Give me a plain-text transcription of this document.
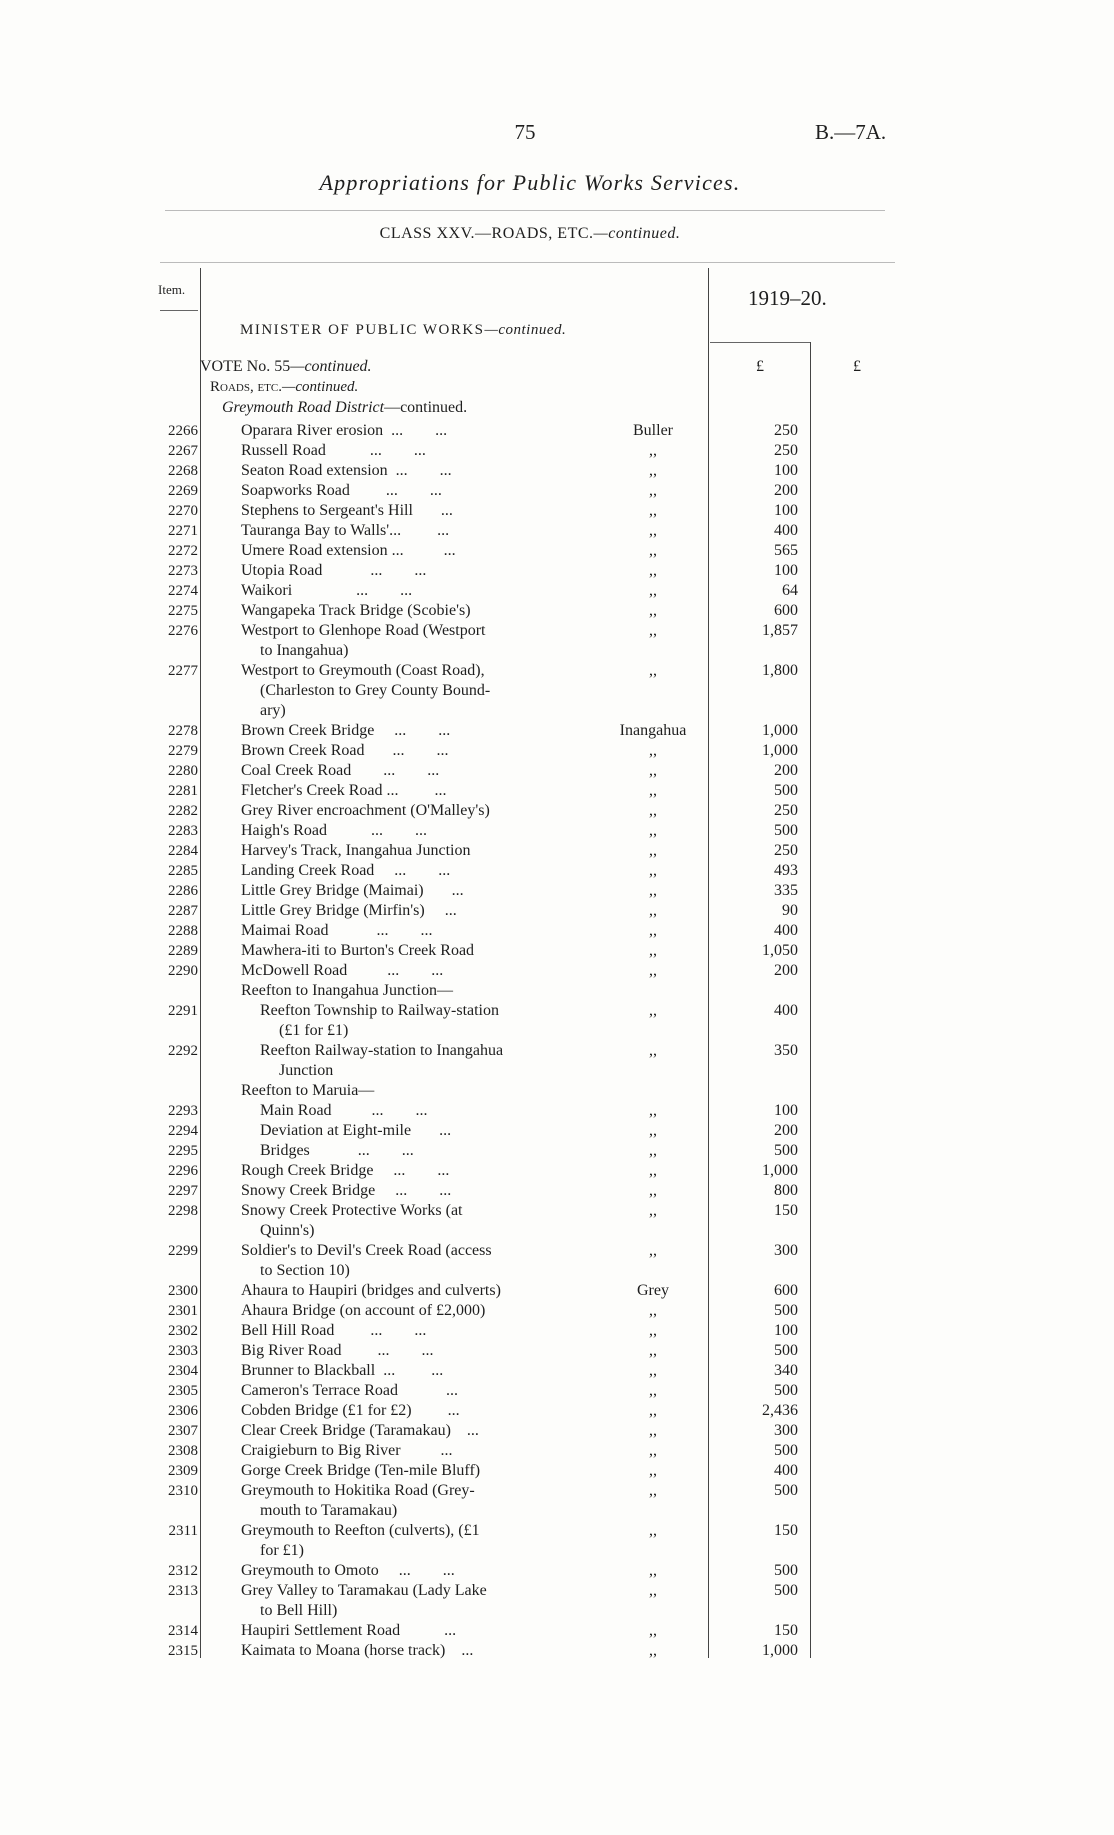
75	B.—7A.
Appropriations for Public Works Services.
CLASS XXV.—ROADS, ETC.—continued.
Item.	1919–20.
MINISTER OF PUBLIC WORKS—continued.
VOTE No. 55—continued.
Roads, etc.—continued.
Greymouth Road District—continued.
£	£
2266	Oparara River erosion  ...        ...	Buller	250
2267	Russell Road           ...        ...	,,	250
2268	Seaton Road extension  ...        ...	,,	100
2269	Soapworks Road         ...        ...	,,	200
2270	Stephens to Sergeant's Hill       ...	,,	100
2271	Tauranga Bay to Walls'...         ...	,,	400
2272	Umere Road extension ...          ...	,,	565
2273	Utopia Road            ...        ...	,,	100
2274	Waikori                ...        ...	,,	64
2275	Wangapeka Track Bridge (Scobie's)	,,	600
2276	Westport to Glenhope Road (Westport	,,	1,857
to Inangahua)
2277	Westport to Greymouth (Coast Road),	,,	1,800
(Charleston to Grey County Bound-
ary)
2278	Brown Creek Bridge     ...        ...	Inangahua	1,000
2279	Brown Creek Road       ...        ...	,,	1,000
2280	Coal Creek Road        ...        ...	,,	200
2281	Fletcher's Creek Road ...         ...	,,	500
2282	Grey River encroachment (O'Malley's)	,,	250
2283	Haigh's Road           ...        ...	,,	500
2284	Harvey's Track, Inangahua Junction	,,	250
2285	Landing Creek Road     ...        ...	,,	493
2286	Little Grey Bridge (Maimai)       ...	,,	335
2287	Little Grey Bridge (Mirfin's)     ...	,,	90
2288	Maimai Road            ...        ...	,,	400
2289	Mawhera-iti to Burton's Creek Road	,,	1,050
2290	McDowell Road          ...        ...	,,	200
Reefton to Inangahua Junction—
2291	Reefton Township to Railway-station	,,	400
(£1 for £1)
2292	Reefton Railway-station to Inangahua	,,	350
Junction
Reefton to Maruia—
2293	Main Road          ...        ...	,,	100
2294	Deviation at Eight-mile       ...	,,	200
2295	Bridges            ...        ...	,,	500
2296	Rough Creek Bridge     ...        ...	,,	1,000
2297	Snowy Creek Bridge     ...        ...	,,	800
2298	Snowy Creek Protective Works (at	,,	150
Quinn's)
2299	Soldier's to Devil's Creek Road (access	,,	300
to Section 10)
2300	Ahaura to Haupiri (bridges and culverts)	Grey	600
2301	Ahaura Bridge (on account of £2,000)	,,	500
2302	Bell Hill Road         ...        ...	,,	100
2303	Big River Road         ...        ...	,,	500
2304	Brunner to Blackball  ...         ...	,,	340
2305	Cameron's Terrace Road            ...	,,	500
2306	Cobden Bridge (£1 for £2)         ...	,,	2,436
2307	Clear Creek Bridge (Taramakau)    ...	,,	300
2308	Craigieburn to Big River          ...	,,	500
2309	Gorge Creek Bridge (Ten-mile Bluff)	,,	400
2310	Greymouth to Hokitika Road (Grey-	,,	500
mouth to Taramakau)
2311	Greymouth to Reefton (culverts), (£1	,,	150
for £1)
2312	Greymouth to Omoto     ...        ...	,,	500
2313	Grey Valley to Taramakau (Lady Lake	,,	500
to Bell Hill)
2314	Haupiri Settlement Road           ...	,,	150
2315	Kaimata to Moana (horse track)    ...	,,	1,000
